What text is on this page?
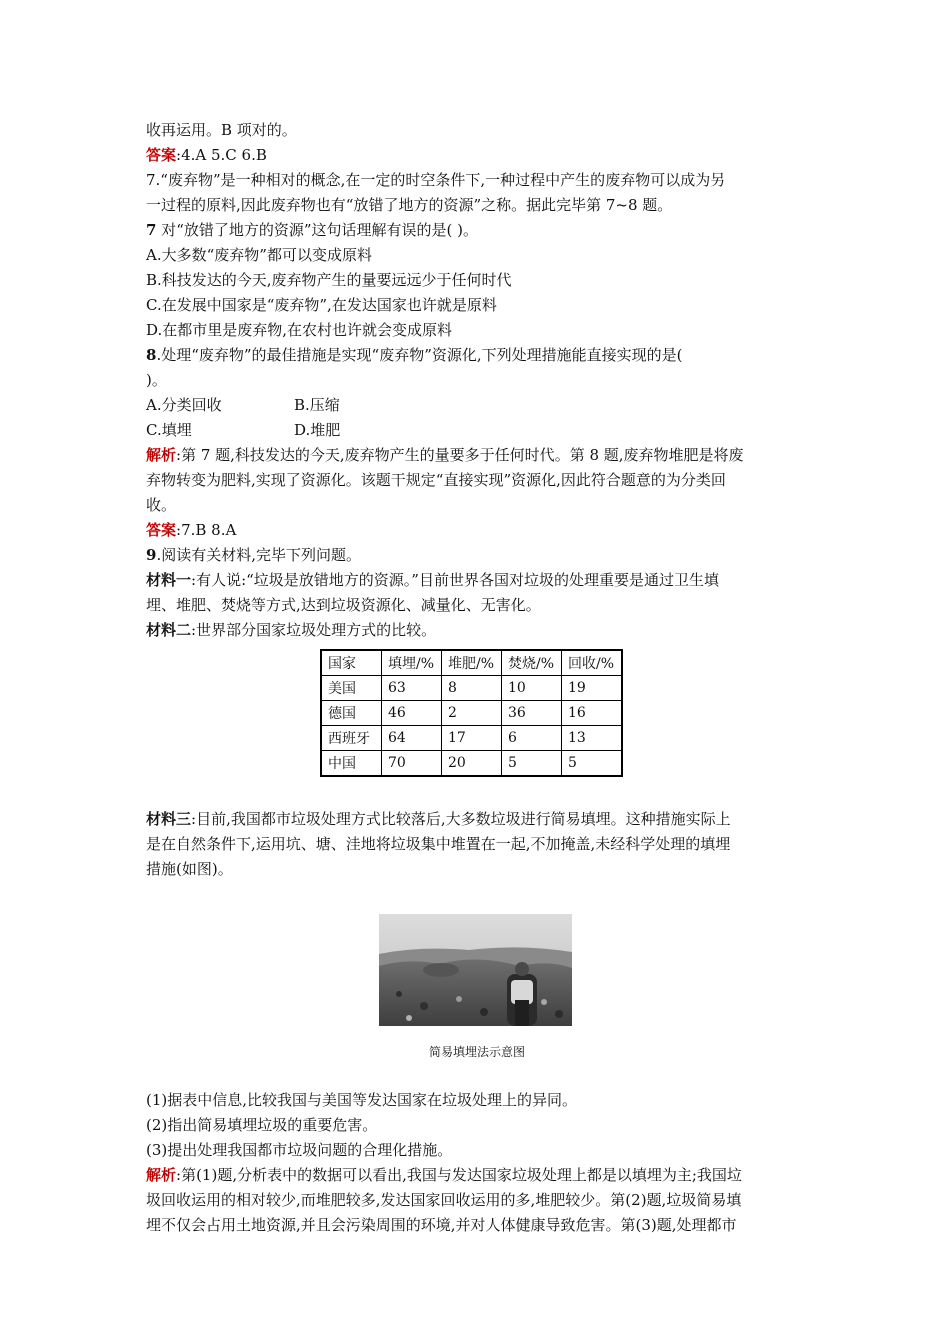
收再运用。B 项对的。

答案:4.A 5.C 6.B

7.“废弃物”是一种相对的概念,在一定的时空条件下,一种过程中产生的废弃物可以成为另

一过程的原料,因此废弃物也有“放错了地方的资源”之称。据此完毕第 7~8 题。

7 对“放错了地方的资源”这句话理解有误的是( )。

A.大多数“废弃物”都可以变成原料

B.科技发达的今天,废弃物产生的量要远远少于任何时代

C.在发展中国家是“废弃物”,在发达国家也许就是原料

D.在都市里是废弃物,在农村也许就会变成原料

8.处理“废弃物”的最佳措施是实现“废弃物”资源化,下列处理措施能直接实现的是(

)。

A.分类回收	B.压缩
C.填埋	D.堆肥

解析:第 7 题,科技发达的今天,废弃物产生的量要多于任何时代。第 8 题,废弃物堆肥是将废

弃物转变为肥料,实现了资源化。该题干规定“直接实现”资源化,因此符合题意的为分类回

收。

答案:7.B 8.A

9.阅读有关材料,完毕下列问题。

材料一:有人说:“垃圾是放错地方的资源。”目前世界各国对垃圾的处理重要是通过卫生填

埋、堆肥、焚烧等方式,达到垃圾资源化、减量化、无害化。

材料二:世界部分国家垃圾处理方式的比较。

国家	填埋/%	堆肥/%	焚烧/%	回收/%
美国	63	8	10	19
德国	46	2	36	16
西班牙	64	17	6	13
中国	70	20	5	5

材料三:目前,我国都市垃圾处理方式比较落后,大多数垃圾进行简易填埋。这种措施实际上

是在自然条件下,运用坑、塘、洼地将垃圾集中堆置在一起,不加掩盖,未经科学处理的填埋

措施(如图)。

简易填埋法示意图

(1)据表中信息,比较我国与美国等发达国家在垃圾处理上的异同。

(2)指出简易填埋垃圾的重要危害。

(3)提出处理我国都市垃圾问题的合理化措施。

解析:第(1)题,分析表中的数据可以看出,我国与发达国家垃圾处理上都是以填埋为主;我国垃

圾回收运用的相对较少,而堆肥较多,发达国家回收运用的多,堆肥较少。第(2)题,垃圾简易填

埋不仅会占用土地资源,并且会污染周围的环境,并对人体健康导致危害。第(3)题,处理都市
